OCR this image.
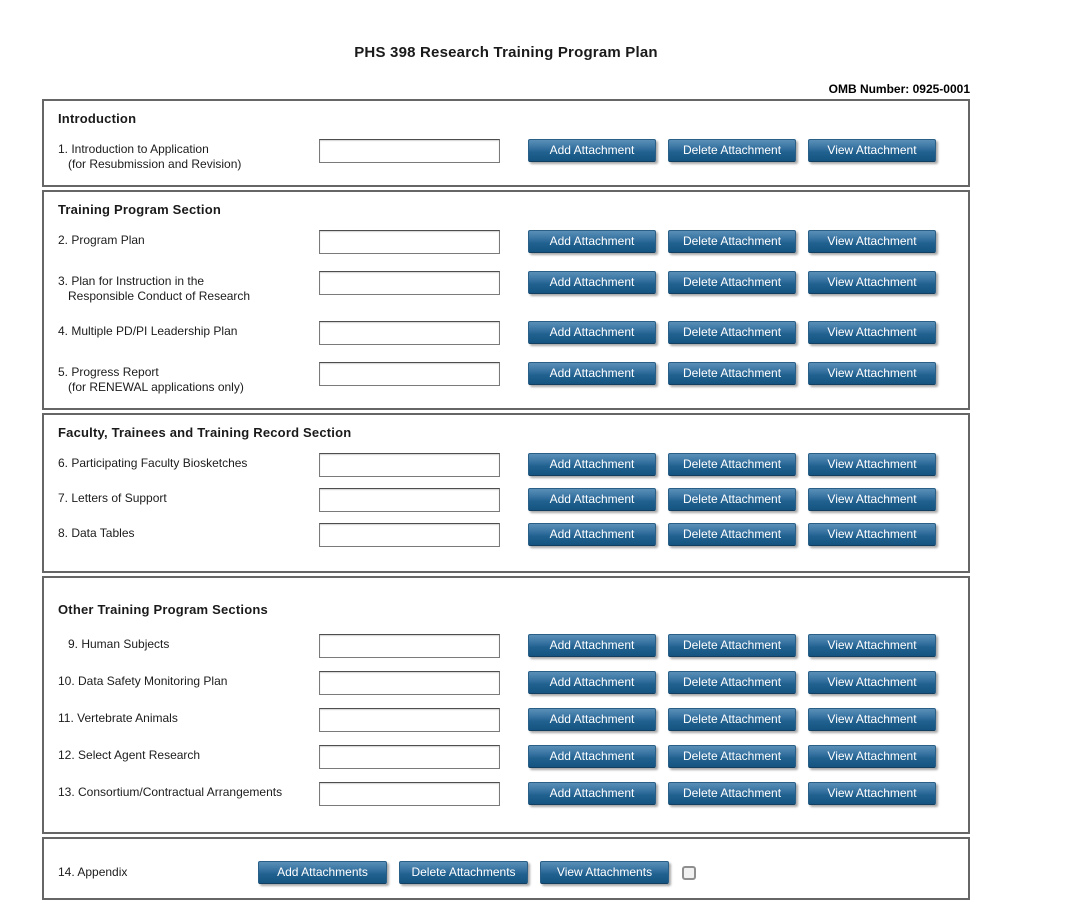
PHS 398 Research Training Program Plan
OMB Number: 0925-0001
Introduction
1. Introduction to Application
(for Resubmission and Revision)
Add Attachment	Delete Attachment	View Attachment
Training Program Section
2. Program Plan	Add Attachment	Delete Attachment	View Attachment
3. Plan for Instruction in the
Responsible Conduct of Research
Add Attachment	Delete Attachment	View Attachment
4. Multiple PD/PI Leadership Plan	Add Attachment	Delete Attachment	View Attachment
5. Progress Report
(for RENEWAL applications only)
Add Attachment	Delete Attachment	View Attachment
Faculty, Trainees and Training Record Section
6. Participating Faculty Biosketches	Add Attachment	Delete Attachment	View Attachment
7. Letters of Support	Add Attachment	Delete Attachment	View Attachment
8. Data Tables	Add Attachment	Delete Attachment	View Attachment
Other Training Program Sections
9. Human Subjects	Add Attachment	Delete Attachment	View Attachment
10. Data Safety Monitoring Plan	Add Attachment	Delete Attachment	View Attachment
11. Vertebrate Animals	Add Attachment	Delete Attachment	View Attachment
12. Select Agent Research	Add Attachment	Delete Attachment	View Attachment
13. Consortium/Contractual Arrangements	Add Attachment	Delete Attachment	View Attachment
14. Appendix	Add Attachments	Delete Attachments	View Attachments
